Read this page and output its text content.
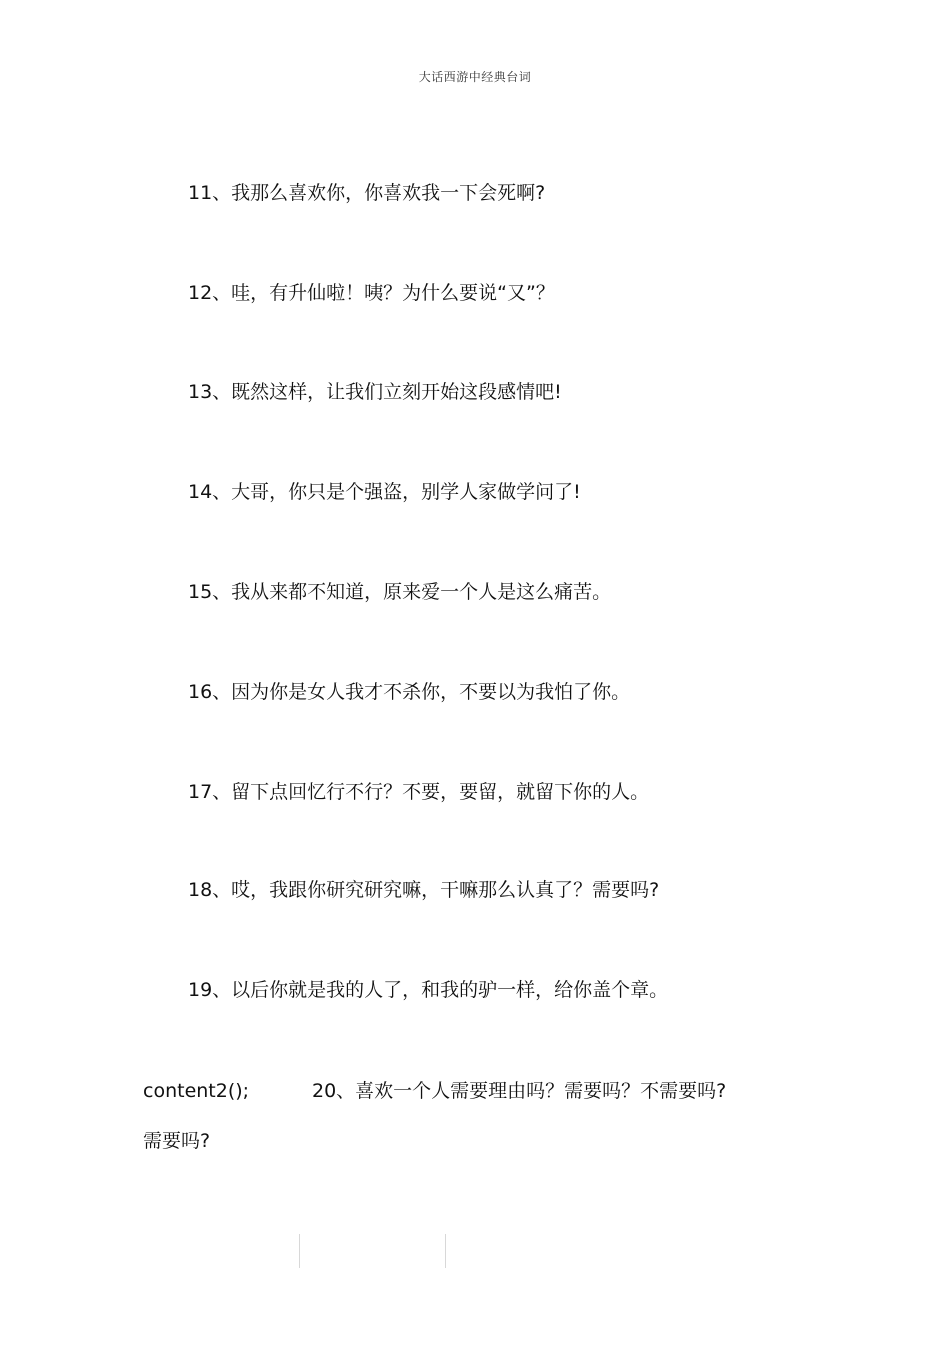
大话西游中经典台词
11、我那么喜欢你，你喜欢我一下会死啊?
12、哇，有升仙啦！咦？为什么要说“又”？
13、既然这样，让我们立刻开始这段感情吧!
14、大哥，你只是个强盗，别学人家做学问了!
15、我从来都不知道，原来爱一个人是这么痛苦。
16、因为你是女人我才不杀你，不要以为我怕了你。
17、留下点回忆行不行？不要，要留，就留下你的人。
18、哎，我跟你研究研究嘛，干嘛那么认真了？需要吗?
19、以后你就是我的人了，和我的驴一样，给你盖个章。
content2();	20、喜欢一个人需要理由吗？需要吗？不需要吗?
需要吗?
